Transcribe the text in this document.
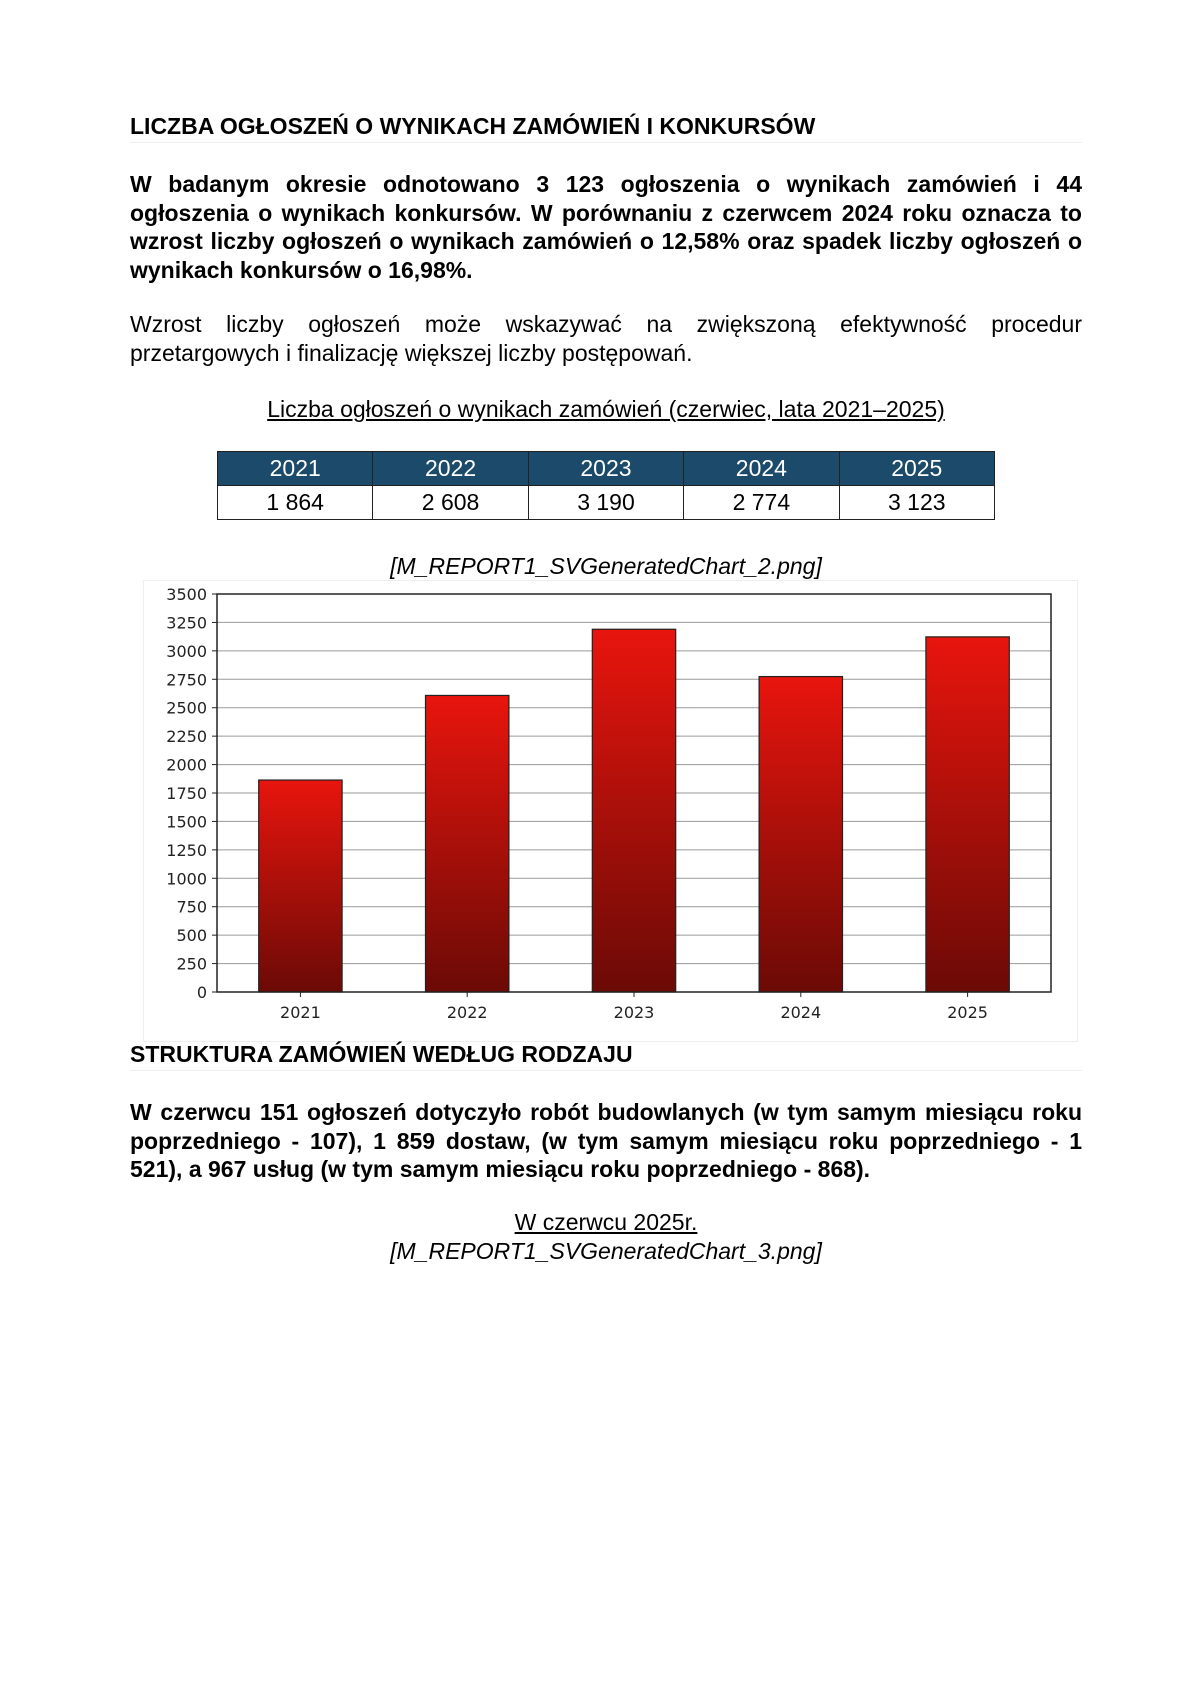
LICZBA OGŁOSZEŃ O WYNIKACH ZAMÓWIEŃ I KONKURSÓW
W badanym okresie odnotowano 3 123 ogłoszenia o wynikach zamówień i 44 ogłoszenia o wynikach konkursów. W porównaniu z czerwcem 2024 roku oznacza to wzrost liczby ogłoszeń o wynikach zamówień o 12,58% oraz spadek liczby ogłoszeń o wynikach konkursów o 16,98%.
Wzrost liczby ogłoszeń może wskazywać na zwiększoną efektywność procedur przetargowych i finalizację większej liczby postępowań.
Liczba ogłoszeń o wynikach zamówień (czerwiec, lata 2021–2025)
2021	2022	2023	2024	2025
1 864	2 608	3 190	2 774	3 123
[M_REPORT1_SVGeneratedChart_2.png]
0
250
500
750
1000
1250
1500
1750
2000
2250
2500
2750
3000
3250
3500
2021	2022	2023	2024	2025
STRUKTURA ZAMÓWIEŃ WEDŁUG RODZAJU
W czerwcu 151 ogłoszeń dotyczyło robót budowlanych (w tym samym miesiącu roku poprzedniego - 107), 1 859 dostaw, (w tym samym miesiącu roku poprzedniego - 1 521), a 967 usług (w tym samym miesiącu roku poprzedniego - 868).
W czerwcu 2025r.
[M_REPORT1_SVGeneratedChart_3.png]
